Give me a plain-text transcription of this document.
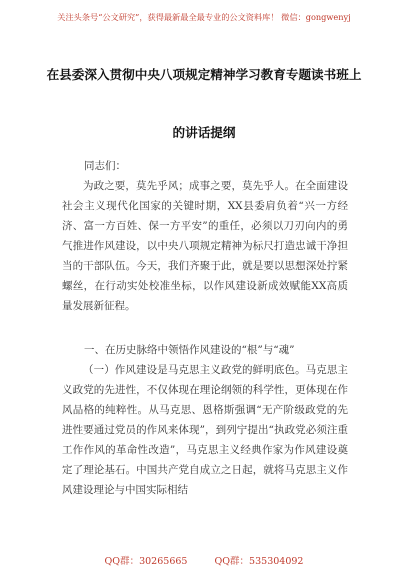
关注头条号“公文研究”，获得最新最全最专业的公文资料库！ 微信：gongwenyj
在县委深入贯彻中央八项规定精神学习教育专题读书班上
的讲话提纲
同志们：

为政之要，莫先乎风；成事之要，莫先乎人。在全面建设社会主义现代化国家的关键时期，XX县委肩负着“兴一方经济、富一方百姓、保一方平安”的重任，必须以刀刃向内的勇气推进作风建设，以中央八项规定精神为标尺打造忠诚干净担当的干部队伍。今天，我们齐聚于此，就是要以思想深处拧紧螺丝，在行动实处校准坐标，以作风建设新成效赋能XX高质量发展新征程。

一、在历史脉络中领悟作风建设的“根”与“魂”

（一）作风建设是马克思主义政党的鲜明底色。马克思主义政党的先进性，不仅体现在理论纲领的科学性，更体现在作风品格的纯粹性。从马克思、恩格斯强调“无产阶级政党的先进性要通过党员的作风来体现”，到列宁提出“执政党必须注重工作作风的革命性改造”，马克思主义经典作家为作风建设奠定了理论基石。中国共产党自成立之日起，就将马克思主义作风建设理论与中国实际相结

QQ群：30265665	QQ群：535304092
